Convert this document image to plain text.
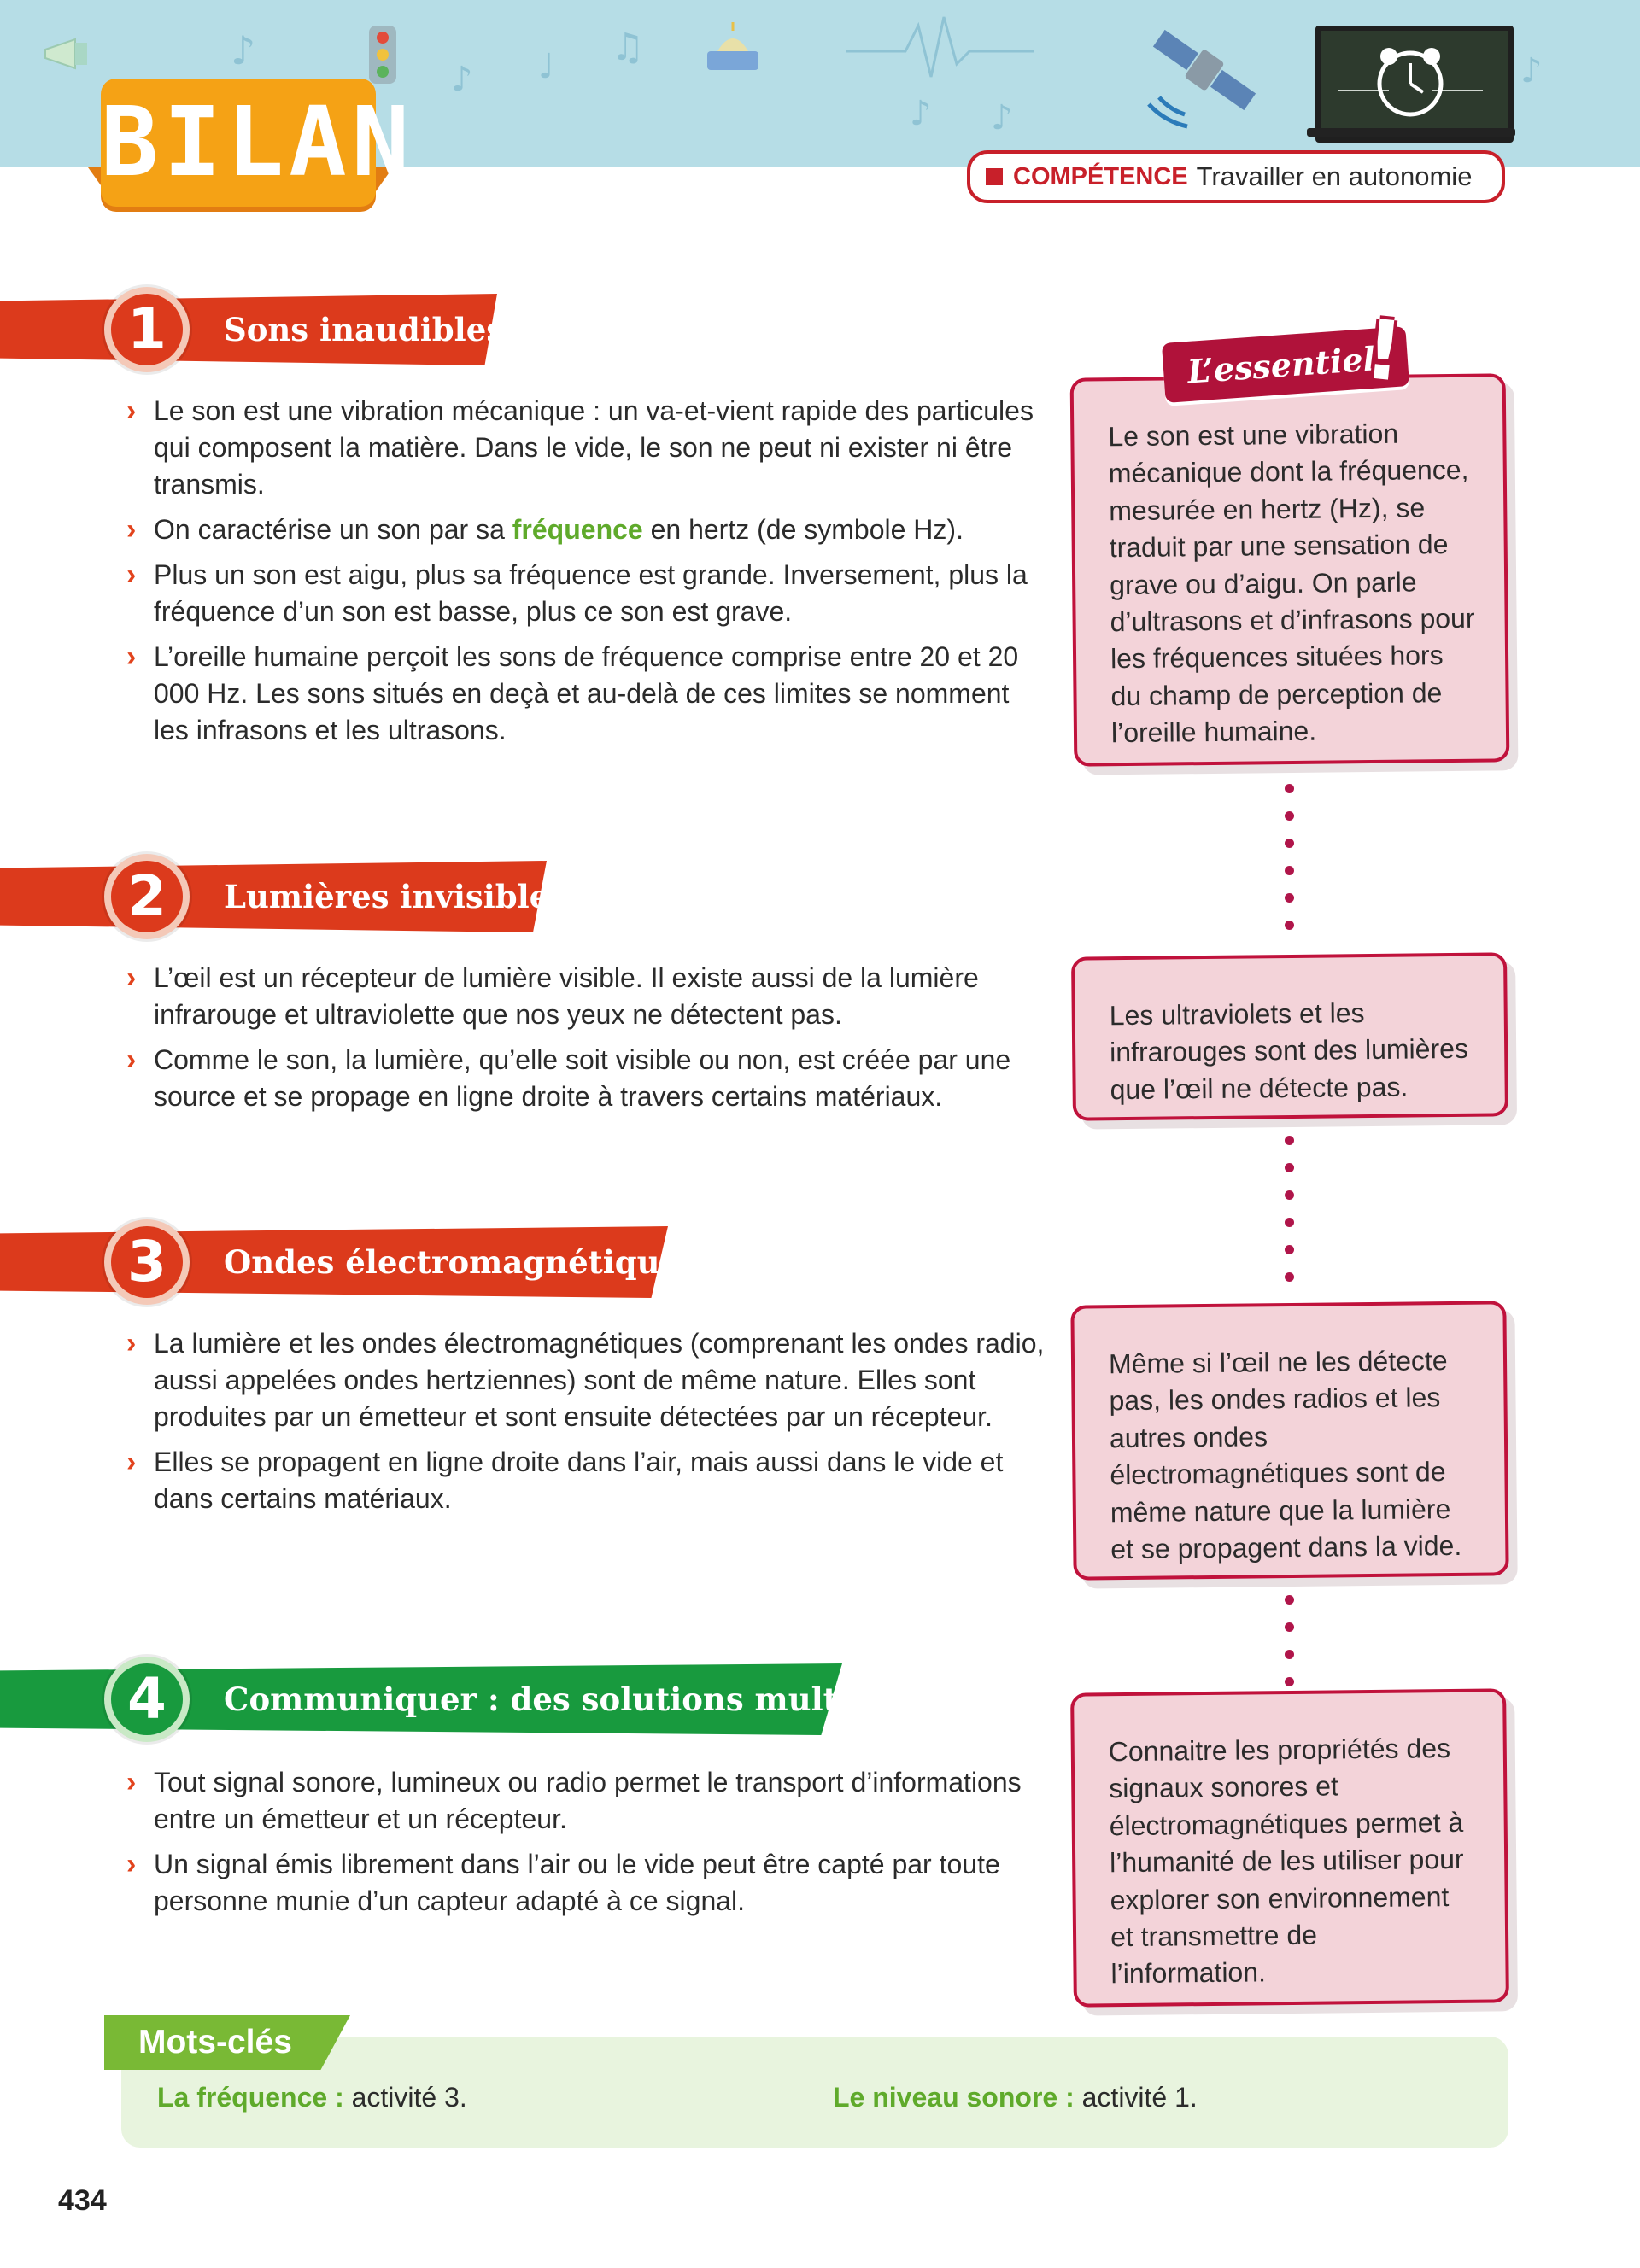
♪
♪ ♩ ♫
♪ ♪
♪
BILAN	COMPÉTENCE Travailler en autonomie
1	Sons inaudibles
› Le son est une vibration mécanique : un va-et-vient rapide des particules qui composent la matière. Dans le vide, le son ne peut ni exister ni être transmis.
› On caractérise un son par sa fréquence en hertz (de symbole Hz).
› Plus un son est aigu, plus sa fréquence est grande. Inversement, plus la fréquence d’un son est basse, plus ce son est grave.
› L’oreille humaine perçoit les sons de fréquence comprise entre 20 et 20 000 Hz. Les sons situés en deçà et au-delà de ces limites se nomment les infrasons et les ultrasons.
2	Lumières invisibles
› L’œil est un récepteur de lumière visible. Il existe aussi de la lumière infrarouge et ultraviolette que nos yeux ne détectent pas.
› Comme le son, la lumière, qu’elle soit visible ou non, est créée par une source et se propage en ligne droite à travers certains matériaux.
3	Ondes électromagnétiques
› La lumière et les ondes électromagnétiques (comprenant les ondes radio, aussi appelées ondes hertziennes) sont de même nature. Elles sont produites par un émetteur et sont ensuite détectées par un récepteur.
› Elles se propagent en ligne droite dans l’air, mais aussi dans le vide et dans certains matériaux.
4	Communiquer : des solutions multiples
› Tout signal sonore, lumineux ou radio permet le transport d’informations entre un émetteur et un récepteur.
› Un signal émis librement dans l’air ou le vide peut être capté par toute personne munie d’un capteur adapté à ce signal.
Le son est une vibration mécanique dont la fréquence, mesurée en hertz (Hz), se traduit par une sensation de grave ou d’aigu. On parle d’ultrasons et d’infrasons pour les fréquences situées hors du champ de perception de l’oreille humaine.
L’essentiel
!
Les ultraviolets et les infrarouges sont des lumières que l’œil ne détecte pas.
Même si l’œil ne les détecte pas, les ondes radios et les autres ondes électromagnétiques sont de même nature que la lumière et se propagent dans la vide.
Connaitre les propriétés des signaux sonores et électromagnétiques permet à l’humanité de les utiliser pour explorer son environnement et transmettre de l’information.
Mots-clés
La fréquence : activité 3.	Le niveau sonore : activité 1.
434
